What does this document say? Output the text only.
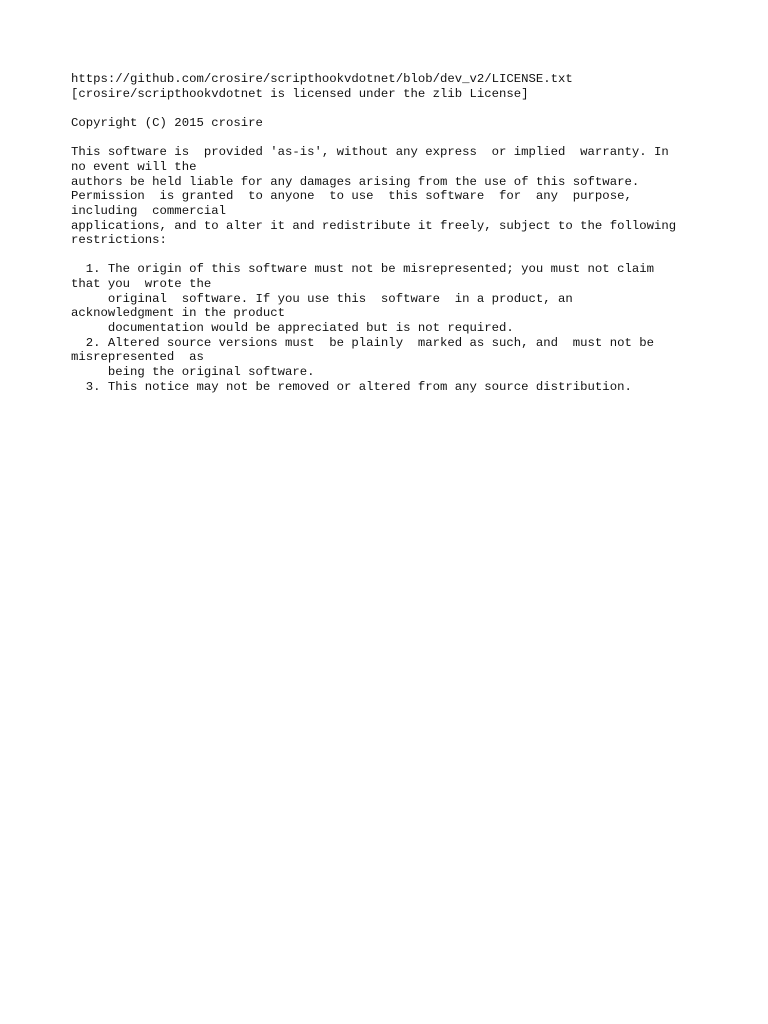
https://github.com/crosire/scripthookvdotnet/blob/dev_v2/LICENSE.txt
[crosire/scripthookvdotnet is licensed under the zlib License]
Copyright (C) 2015 crosire
This software is  provided 'as-is', without any express  or implied  warranty. In
no event will the
authors be held liable for any damages arising from the use of this software.
Permission  is granted  to anyone  to use  this software  for  any  purpose,
including  commercial
applications, and to alter it and redistribute it freely, subject to the following
restrictions:
1. The origin of this software must not be misrepresented; you must not claim
that you  wrote the
original  software. If you use this  software  in a product, an
acknowledgment in the product
documentation would be appreciated but is not required.
2. Altered source versions must  be plainly  marked as such, and  must not be
misrepresented  as
being the original software.
3. This notice may not be removed or altered from any source distribution.
